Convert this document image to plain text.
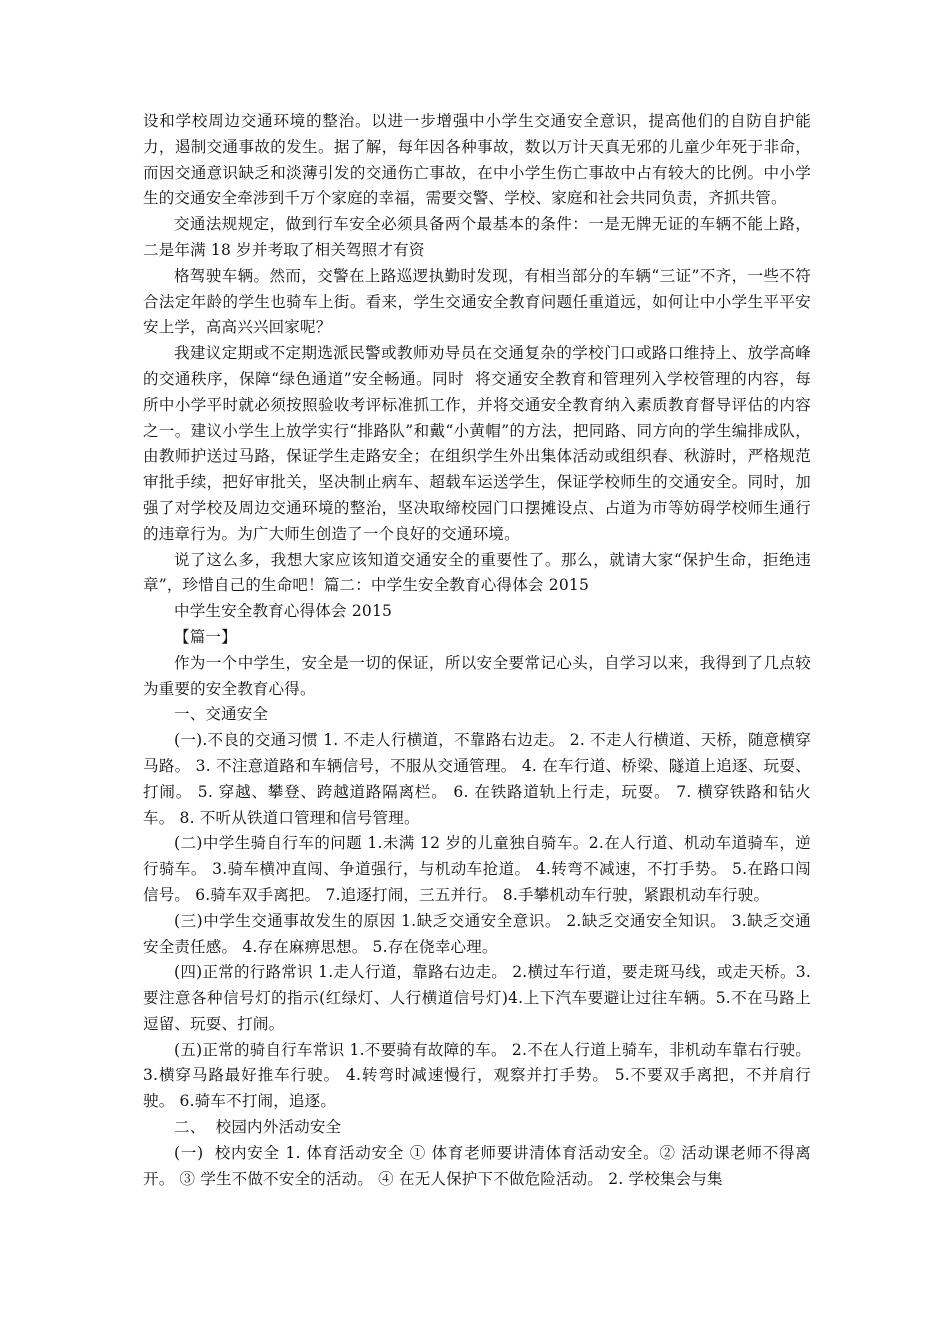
设和学校周边交通环境的整治。以进一步增强中小学生交通安全意识，提高他们的自防自护能力，遏制交通事故的发生。据了解，每年因各种事故，数以万计天真无邪的儿童少年死于非命，而因交通意识缺乏和淡薄引发的交通伤亡事故，在中小学生伤亡事故中占有较大的比例。中小学生的交通安全牵涉到千万个家庭的幸福，需要交警、学校、家庭和社会共同负责，齐抓共管。

交通法规规定，做到行车安全必须具备两个最基本的条件：一是无牌无证的车辆不能上路，二是年满 18 岁并考取了相关驾照才有资

格驾驶车辆。然而，交警在上路巡逻执勤时发现，有相当部分的车辆“三证”不齐，一些不符合法定年龄的学生也骑车上街。看来，学生交通安全教育问题任重道远，如何让中小学生平平安安上学，高高兴兴回家呢？

我建议定期或不定期选派民警或教师劝导员在交通复杂的学校门口或路口维持上、放学高峰的交通秩序，保障“绿色通道”安全畅通。同时  将交通安全教育和管理列入学校管理的内容，每所中小学平时就必须按照验收考评标准抓工作，并将交通安全教育纳入素质教育督导评估的内容之一。建议小学生上放学实行“排路队”和戴“小黄帽”的方法，把同路、同方向的学生编排成队，由教师护送过马路，保证学生走路安全；在组织学生外出集体活动或组织春、秋游时，严格规范审批手续，把好审批关，坚决制止病车、超载车运送学生，保证学校师生的交通安全。同时，加强了对学校及周边交通环境的整治，坚决取缔校园门口摆摊设点、占道为市等妨碍学校师生通行的违章行为。为广大师生创造了一个良好的交通环境。

说了这么多，我想大家应该知道交通安全的重要性了。那么，就请大家“保护生命，拒绝违章”，珍惜自己的生命吧！篇二：中学生安全教育心得体会 2015

中学生安全教育心得体会 2015

【篇一】

作为一个中学生，安全是一切的保证，所以安全要常记心头，自学习以来，我得到了几点较为重要的安全教育心得。

一、交通安全

(一).不良的交通习惯 1. 不走人行横道，不靠路右边走。 2. 不走人行横道、天桥，随意横穿马路。 3. 不注意道路和车辆信号，不服从交通管理。 4. 在车行道、桥梁、隧道上追逐、玩耍、打闹。 5. 穿越、攀登、跨越道路隔离栏。 6. 在铁路道轨上行走，玩耍。 7. 横穿铁路和钻火车。 8. 不听从铁道口管理和信号管理。

(二)中学生骑自行车的问题 1.未满 12 岁的儿童独自骑车。2.在人行道、机动车道骑车，逆行骑车。 3.骑车横冲直闯、争道强行，与机动车抢道。 4.转弯不减速，不打手势。 5.在路口闯信号。 6.骑车双手离把。 7.追逐打闹，三五并行。 8.手攀机动车行驶，紧跟机动车行驶。

(三)中学生交通事故发生的原因 1.缺乏交通安全意识。 2.缺乏交通安全知识。 3.缺乏交通安全责任感。 4.存在麻痹思想。 5.存在侥幸心理。

(四)正常的行路常识 1.走人行道，靠路右边走。 2.横过车行道，要走斑马线，或走天桥。3.要注意各种信号灯的指示(红绿灯、人行横道信号灯)4.上下汽车要避让过往车辆。5.不在马路上逗留、玩耍、打闹。

(五)正常的骑自行车常识 1.不要骑有故障的车。 2.不在人行道上骑车，非机动车靠右行驶。 3.横穿马路最好推车行驶。 4.转弯时减速慢行，观察并打手势。 5.不要双手离把，不并肩行驶。 6.骑车不打闹，追逐。

二、  校园内外活动安全

(一)  校内安全 1. 体育活动安全 ① 体育老师要讲清体育活动安全。② 活动课老师不得离开。 ③ 学生不做不安全的活动。 ④ 在无人保护下不做危险活动。 2. 学校集会与集
